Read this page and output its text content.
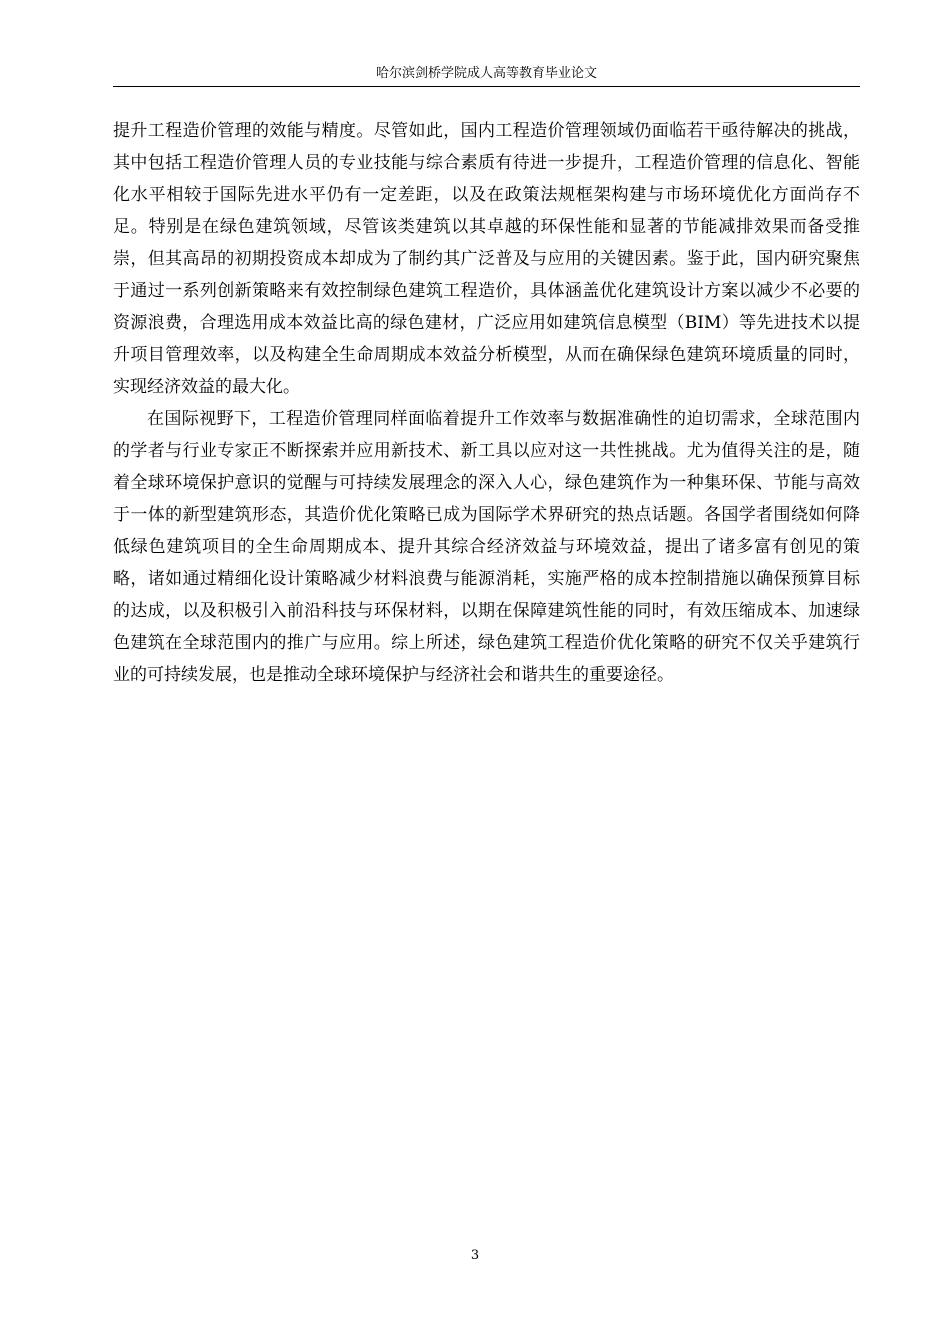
哈尔滨剑桥学院成人高等教育毕业论文

提升工程造价管理的效能与精度。尽管如此，国内工程造价管理领域仍面临若干亟待解决的挑战，其中包括工程造价管理人员的专业技能与综合素质有待进一步提升，工程造价管理的信息化、智能化水平相较于国际先进水平仍有一定差距，以及在政策法规框架构建与市场环境优化方面尚存不足。特别是在绿色建筑领域，尽管该类建筑以其卓越的环保性能和显著的节能减排效果而备受推崇，但其高昂的初期投资成本却成为了制约其广泛普及与应用的关键因素。鉴于此，国内研究聚焦于通过一系列创新策略来有效控制绿色建筑工程造价，具体涵盖优化建筑设计方案以减少不必要的资源浪费，合理选用成本效益比高的绿色建材，广泛应用如建筑信息模型（BIM）等先进技术以提升项目管理效率，以及构建全生命周期成本效益分析模型，从而在确保绿色建筑环境质量的同时，实现经济效益的最大化。

在国际视野下，工程造价管理同样面临着提升工作效率与数据准确性的迫切需求，全球范围内的学者与行业专家正不断探索并应用新技术、新工具以应对这一共性挑战。尤为值得关注的是，随着全球环境保护意识的觉醒与可持续发展理念的深入人心，绿色建筑作为一种集环保、节能与高效于一体的新型建筑形态，其造价优化策略已成为国际学术界研究的热点话题。各国学者围绕如何降低绿色建筑项目的全生命周期成本、提升其综合经济效益与环境效益，提出了诸多富有创见的策略，诸如通过精细化设计策略减少材料浪费与能源消耗，实施严格的成本控制措施以确保预算目标的达成，以及积极引入前沿科技与环保材料，以期在保障建筑性能的同时，有效压缩成本、加速绿色建筑在全球范围内的推广与应用。综上所述，绿色建筑工程造价优化策略的研究不仅关乎建筑行业的可持续发展，也是推动全球环境保护与经济社会和谐共生的重要途径。

3
